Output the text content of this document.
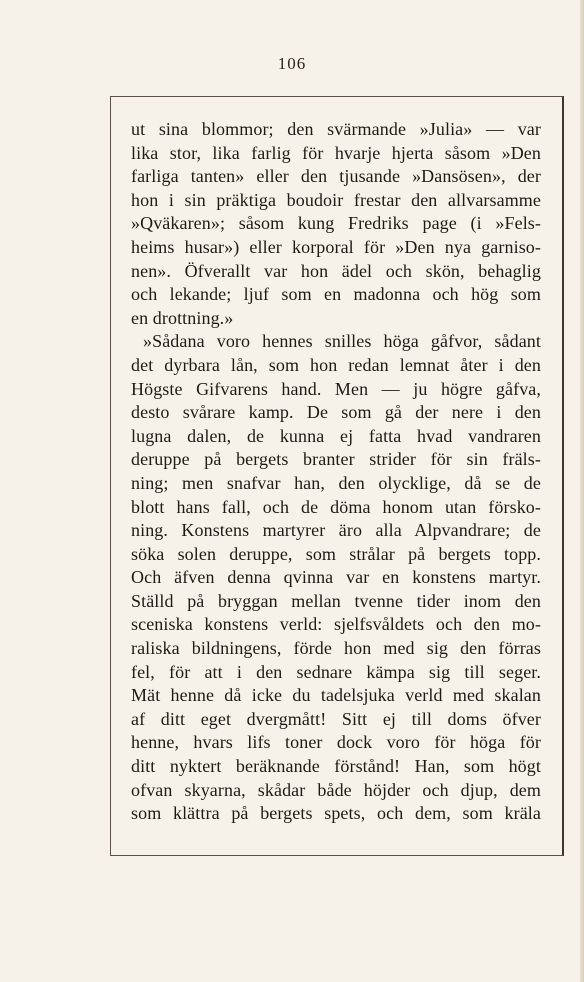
106
ut sina blommor; den svärmande »Julia» — var
lika stor, lika farlig för hvarje hjerta såsom »Den
farliga tanten» eller den tjusande »Dansösen», der
hon i sin präktiga boudoir frestar den allvarsamme
»Qväkaren»; såsom kung Fredriks page (i »Fels-
heims husar») eller korporal för »Den nya garniso-
nen». Öfverallt var hon ädel och skön, behaglig
och lekande; ljuf som en madonna och hög som
en drottning.»
»Sådana voro hennes snilles höga gåfvor, sådant
det dyrbara lån, som hon redan lemnat åter i den
Högste Gifvarens hand. Men — ju högre gåfva,
desto svårare kamp. De som gå der nere i den
lugna dalen, de kunna ej fatta hvad vandraren
deruppe på bergets branter strider för sin fräls-
ning; men snafvar han, den olycklige, då se de
blott hans fall, och de döma honom utan försko-
ning. Konstens martyrer äro alla Alpvandrare; de
söka solen deruppe, som strålar på bergets topp.
Och äfven denna qvinna var en konstens martyr.
Ställd på bryggan mellan tvenne tider inom den
sceniska konstens verld: sjelfsvåldets och den mo-
raliska bildningens, förde hon med sig den förras
fel, för att i den sednare kämpa sig till seger.
Mät henne då icke du tadelsjuka verld med skalan
af ditt eget dvergmått! Sitt ej till doms öfver
henne, hvars lifs toner dock voro för höga för
ditt nyktert beräknande förstånd! Han, som högt
ofvan skyarna, skådar både höjder och djup, dem
som klättra på bergets spets, och dem, som kräla
